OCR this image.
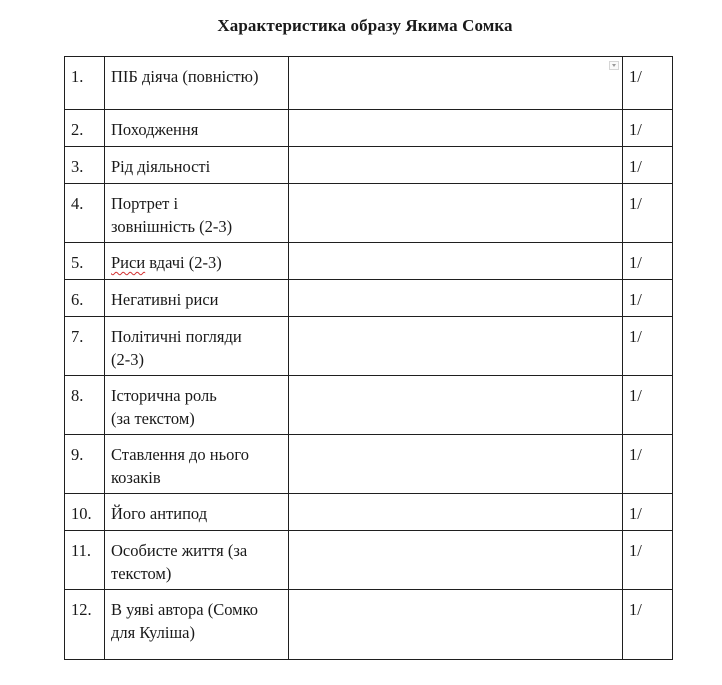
Характеристика образу Якима Сомка
1.	ПІБ діяча (повністю)		1/
2.	Походження		1/
3.	Рід діяльності		1/
4.	Портрет і
зовнішність (2-3)		1/
5.	Риси вдачі (2-3)		1/
6.	Негативні риси		1/
7.	Політичні погляди
(2-3)		1/
8.	Історична роль
(за текстом)		1/
9.	Ставлення до нього
козаків		1/
10.	Його антипод		1/
11.	Особисте життя (за
текстом)		1/
12.	В уяві автора (Сомко
для Куліша)		1/
